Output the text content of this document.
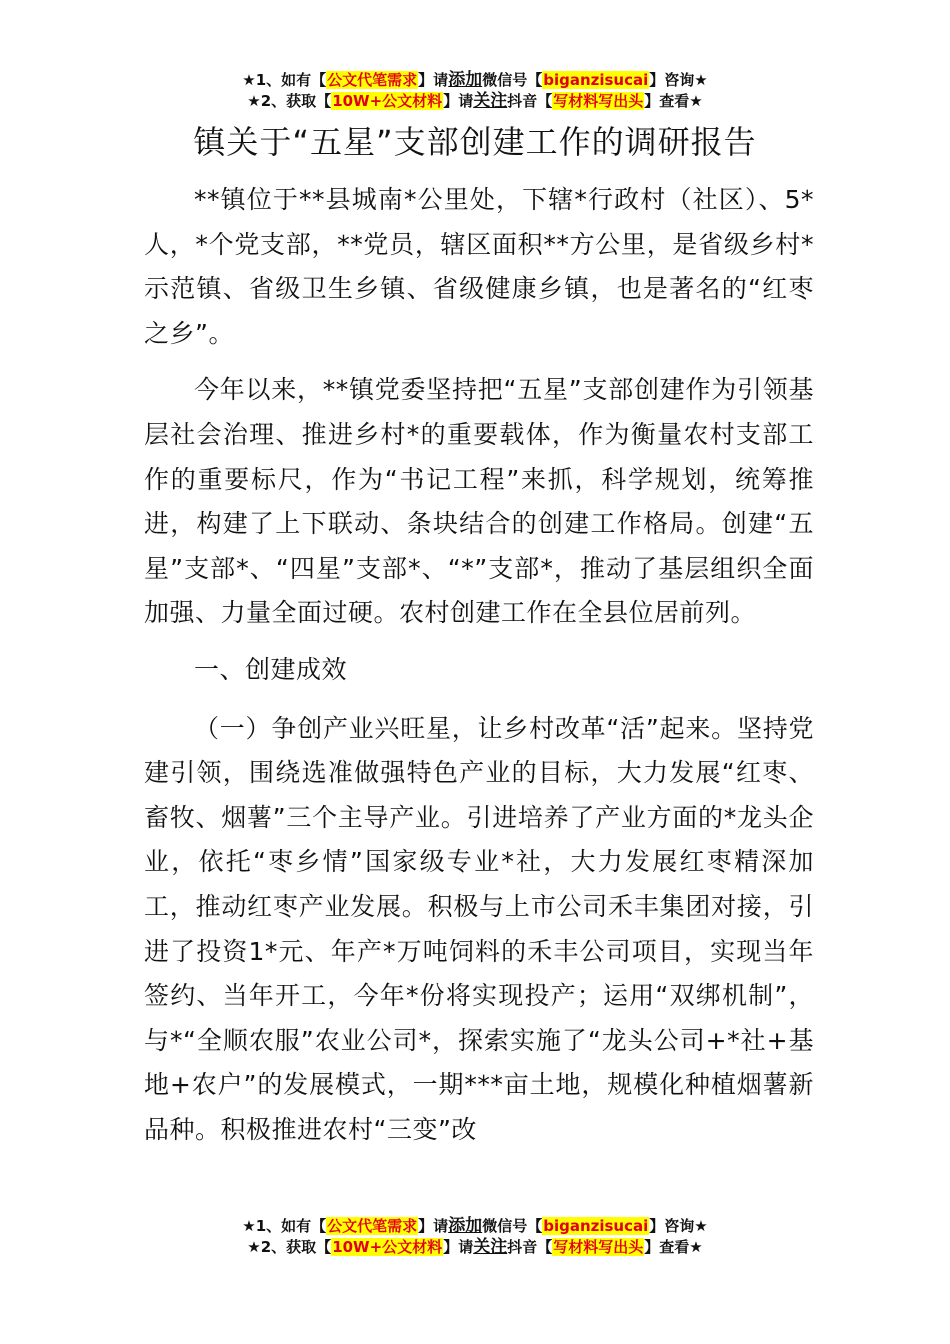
★1、如有【公文代笔需求】请添加微信号【biganzisucai】咨询★
★2、获取【10W+公文材料】请关注抖音【写材料写出头】查看★
镇关于“五星”支部创建工作的调研报告

**镇位于**县城南*公里处，下辖*行政村（社区）、5*人，*个党支部，**党员，辖区面积**方公里，是省级乡村*示范镇、省级卫生乡镇、省级健康乡镇，也是著名的“红枣之乡”。

今年以来，**镇党委坚持把“五星”支部创建作为引领基层社会治理、推进乡村*的重要载体，作为衡量农村支部工作的重要标尺，作为“书记工程”来抓，科学规划，统筹推进，构建了上下联动、条块结合的创建工作格局。创建“五星”支部*、“四星”支部*、“*”支部*，推动了基层组织全面加强、力量全面过硬。农村创建工作在全县位居前列。

一、创建成效

（一）争创产业兴旺星，让乡村改革“活”起来。坚持党建引领，围绕选准做强特色产业的目标，大力发展“红枣、畜牧、烟薯”三个主导产业。引进培养了产业方面的*龙头企业，依托“枣乡情”国家级专业*社，大力发展红枣精深加工，推动红枣产业发展。积极与上市公司禾丰集团对接，引进了投资1*元、年产*万吨饲料的禾丰公司项目，实现当年签约、当年开工，今年*份将实现投产；运用“双绑机制”，与*“全顺农服”农业公司*，探索实施了“龙头公司+*社+基地+农户”的发展模式，一期***亩土地，规模化种植烟薯新品种。积极推进农村“三变”改

★1、如有【公文代笔需求】请添加微信号【biganzisucai】咨询★
★2、获取【10W+公文材料】请关注抖音【写材料写出头】查看★
